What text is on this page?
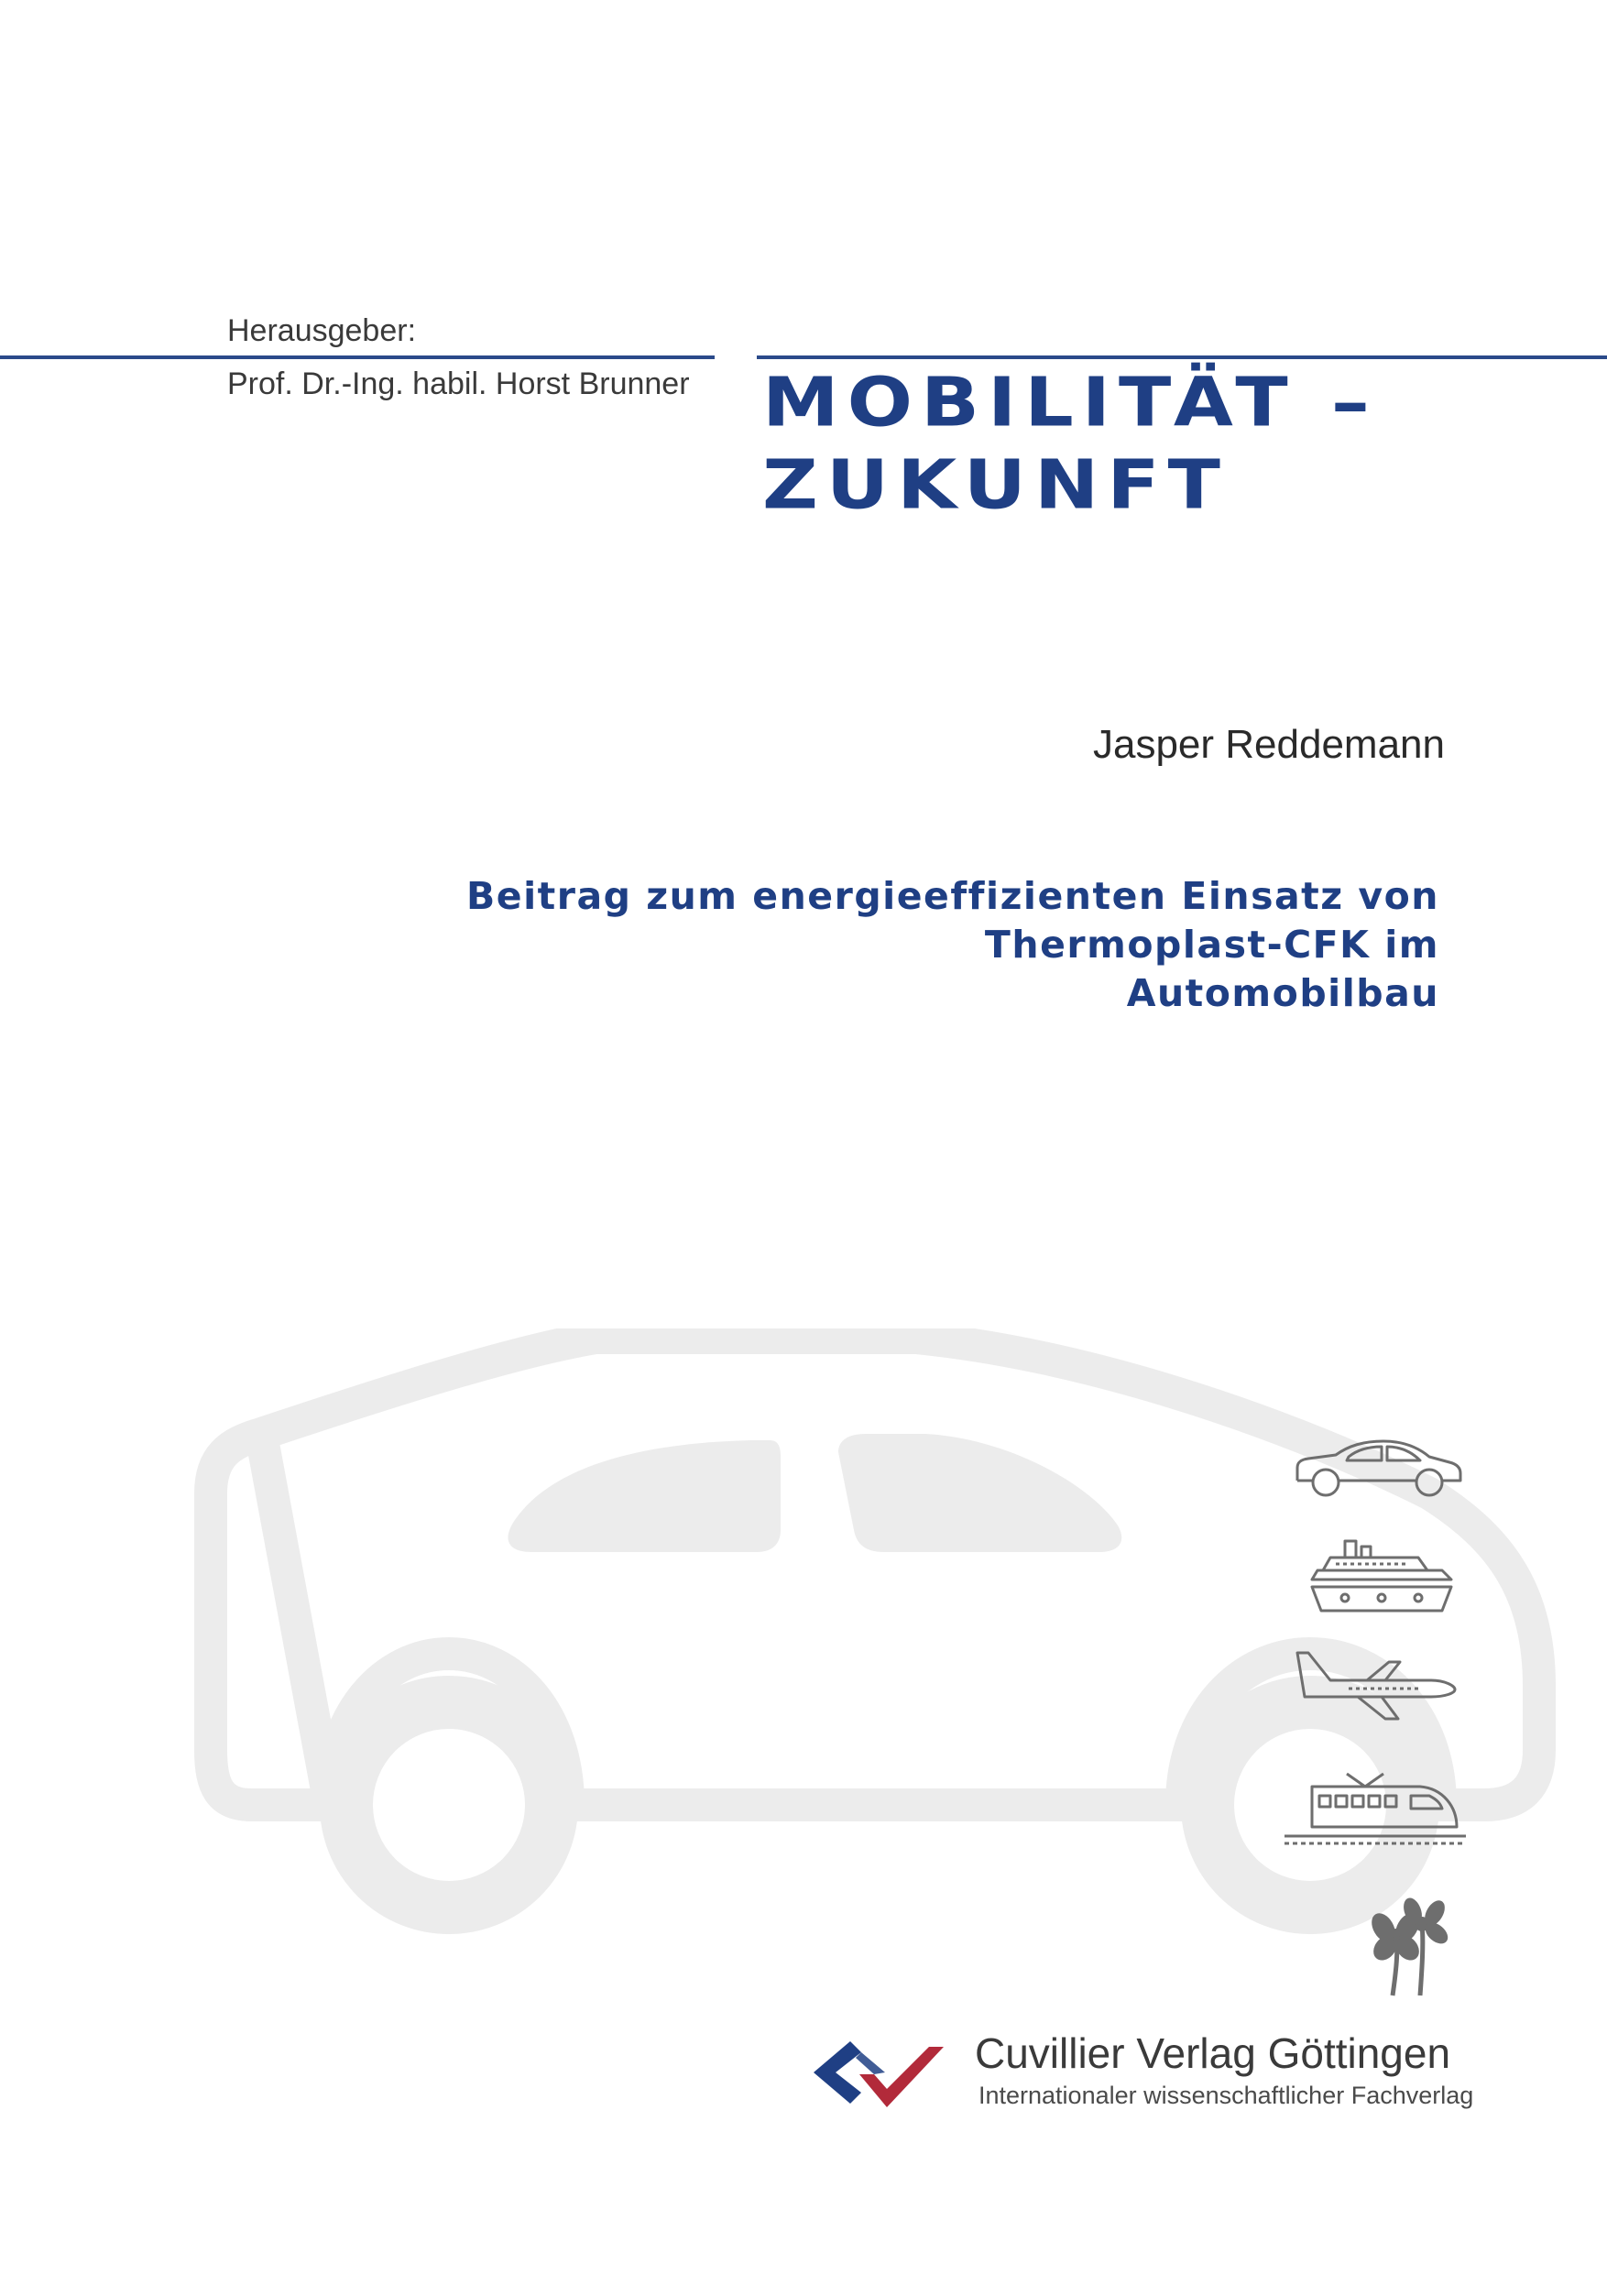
Herausgeber:
Prof. Dr.-Ing. habil. Horst Brunner MOBILITÄT –
ZUKUNFT
Jasper Reddemann
Beitrag zum energieeffizienten Einsatz von
Thermoplast-CFK im
Automobilbau
Cuvillier Verlag Göttingen
Internationaler wissenschaftlicher Fachverlag
